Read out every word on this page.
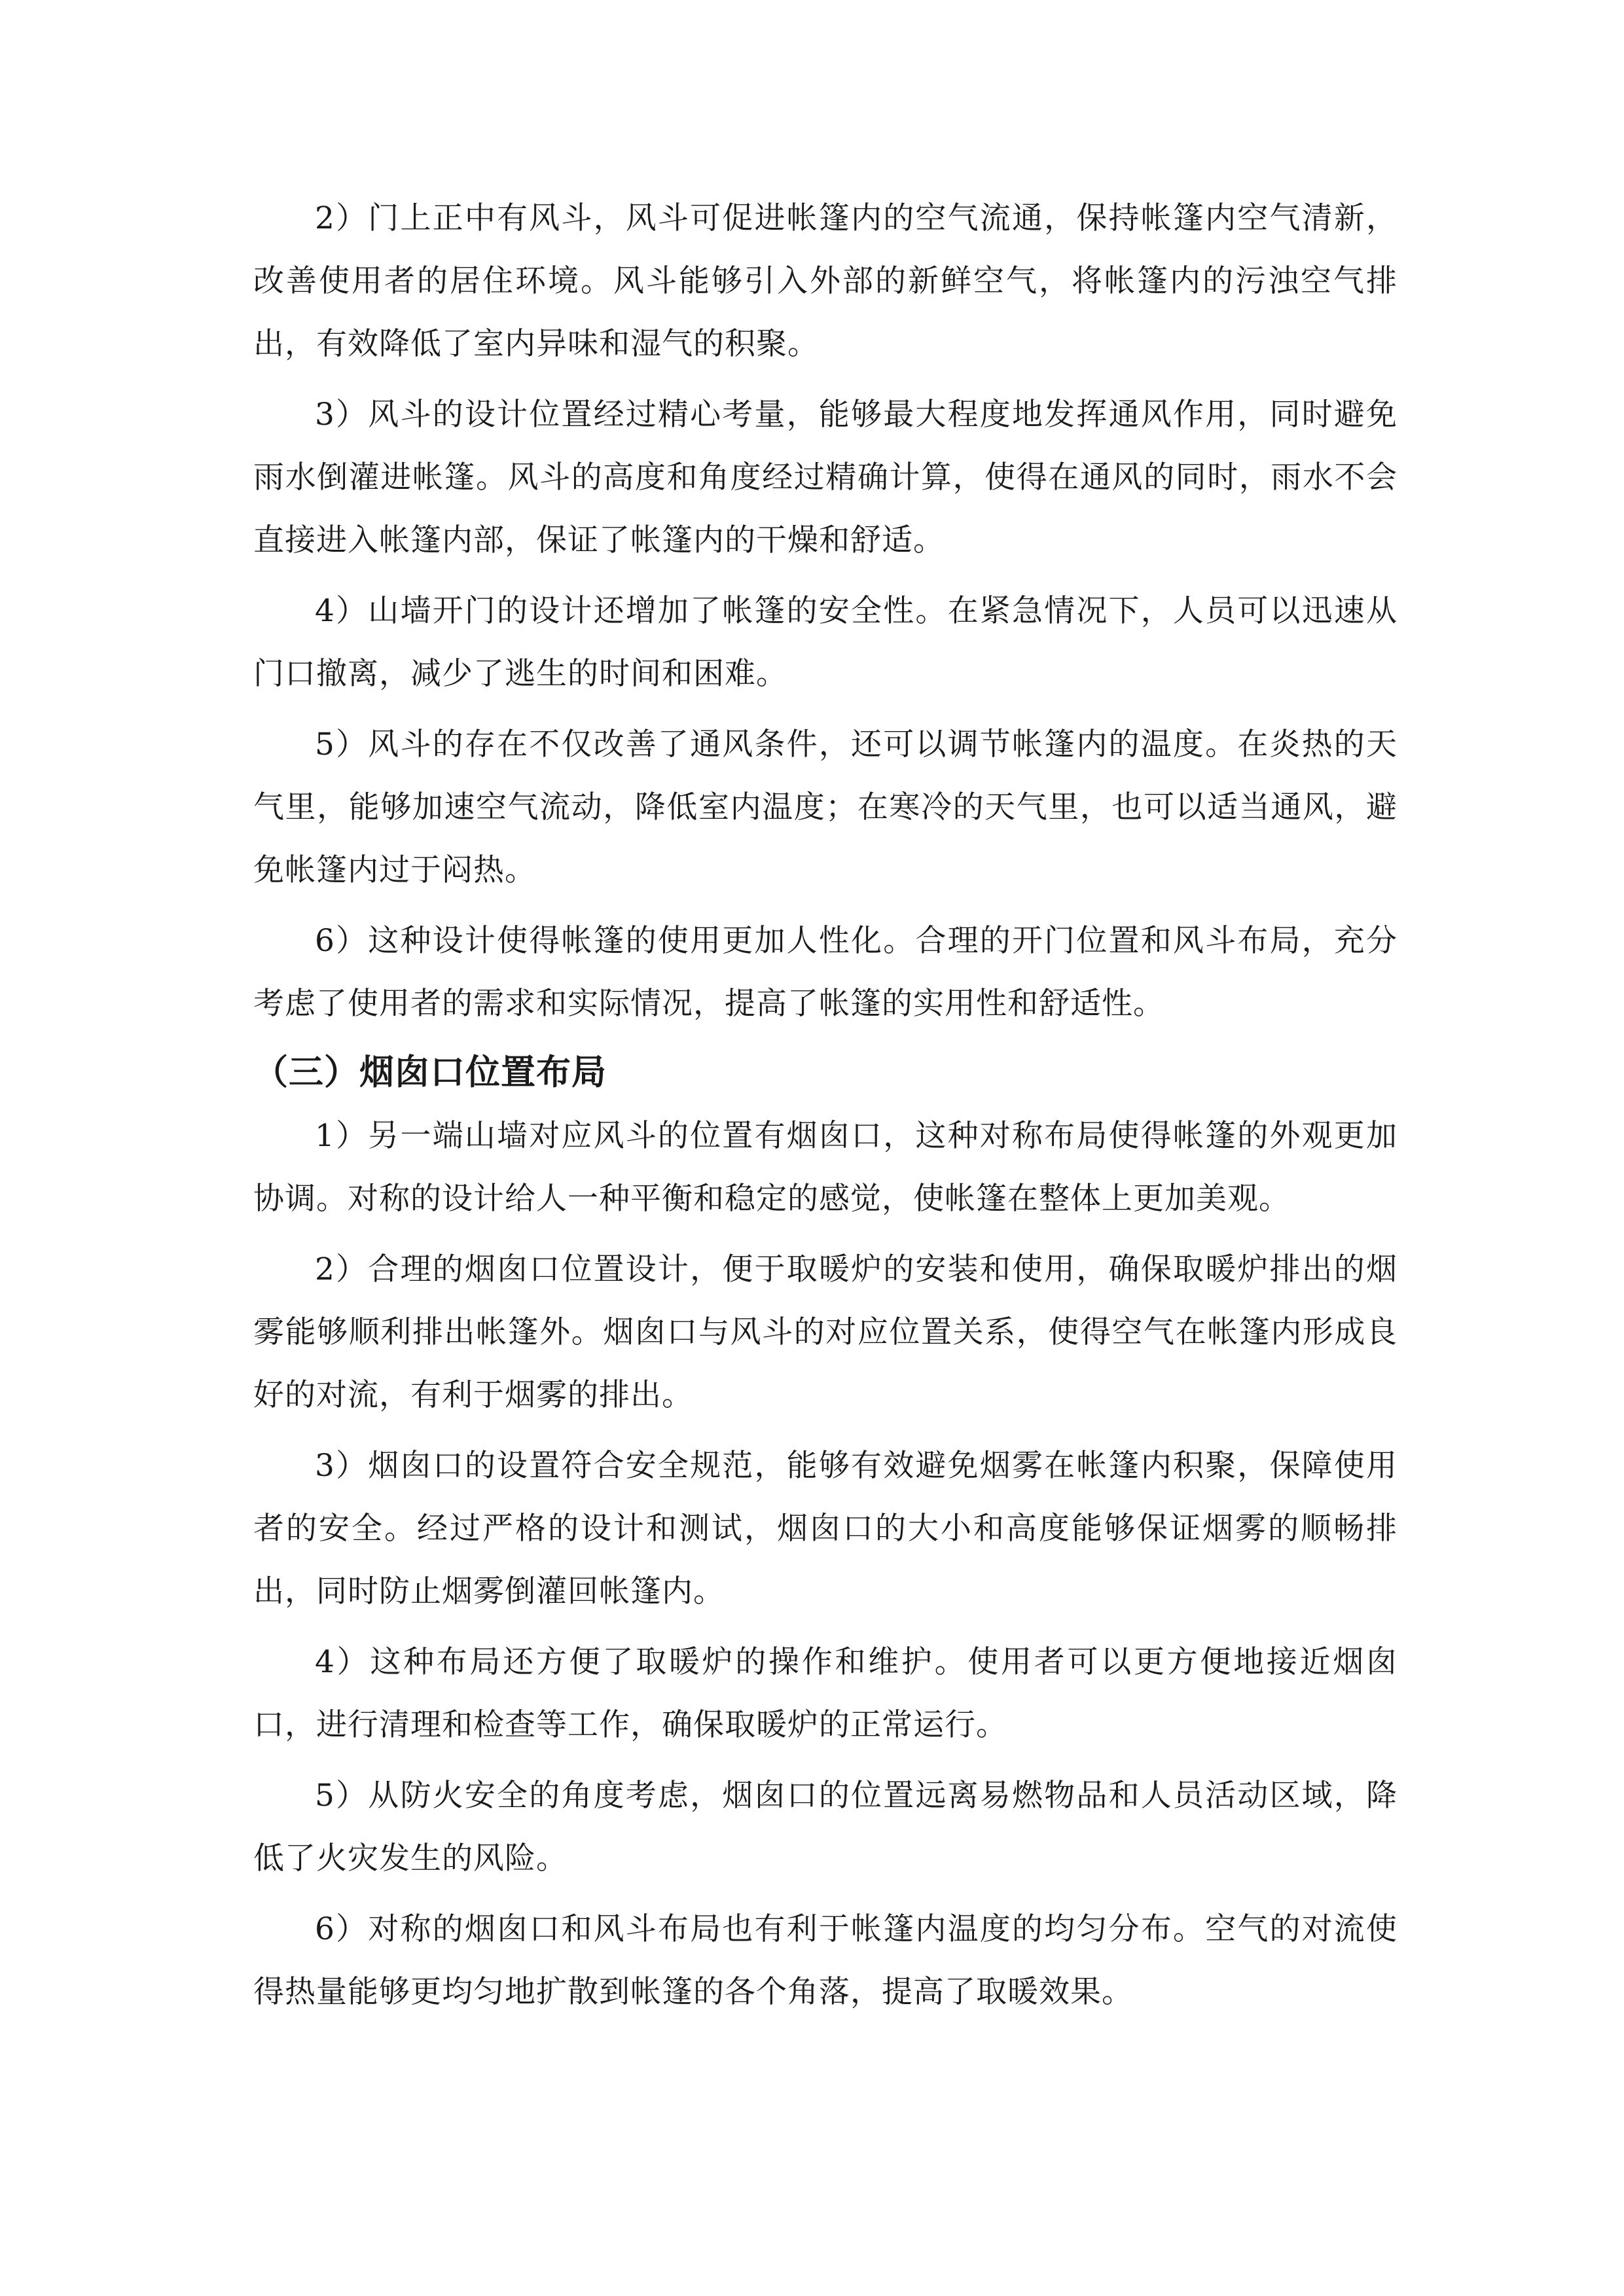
2）门上正中有风斗，风斗可促进帐篷内的空气流通，保持帐篷内空气清新，改善使用者的居住环境。风斗能够引入外部的新鲜空气，将帐篷内的污浊空气排出，有效降低了室内异味和湿气的积聚。

3）风斗的设计位置经过精心考量，能够最大程度地发挥通风作用，同时避免雨水倒灌进帐篷。风斗的高度和角度经过精确计算，使得在通风的同时，雨水不会直接进入帐篷内部，保证了帐篷内的干燥和舒适。

4）山墙开门的设计还增加了帐篷的安全性。在紧急情况下，人员可以迅速从门口撤离，减少了逃生的时间和困难。

5）风斗的存在不仅改善了通风条件，还可以调节帐篷内的温度。在炎热的天气里，能够加速空气流动，降低室内温度；在寒冷的天气里，也可以适当通风，避免帐篷内过于闷热。

6）这种设计使得帐篷的使用更加人性化。合理的开门位置和风斗布局，充分考虑了使用者的需求和实际情况，提高了帐篷的实用性和舒适性。

（三）烟囱口位置布局

1）另一端山墙对应风斗的位置有烟囱口，这种对称布局使得帐篷的外观更加协调。对称的设计给人一种平衡和稳定的感觉，使帐篷在整体上更加美观。

2）合理的烟囱口位置设计，便于取暖炉的安装和使用，确保取暖炉排出的烟雾能够顺利排出帐篷外。烟囱口与风斗的对应位置关系，使得空气在帐篷内形成良好的对流，有利于烟雾的排出。

3）烟囱口的设置符合安全规范，能够有效避免烟雾在帐篷内积聚，保障使用者的安全。经过严格的设计和测试，烟囱口的大小和高度能够保证烟雾的顺畅排出，同时防止烟雾倒灌回帐篷内。

4）这种布局还方便了取暖炉的操作和维护。使用者可以更方便地接近烟囱口，进行清理和检查等工作，确保取暖炉的正常运行。

5）从防火安全的角度考虑，烟囱口的位置远离易燃物品和人员活动区域，降低了火灾发生的风险。

6）对称的烟囱口和风斗布局也有利于帐篷内温度的均匀分布。空气的对流使得热量能够更均匀地扩散到帐篷的各个角落，提高了取暖效果。
